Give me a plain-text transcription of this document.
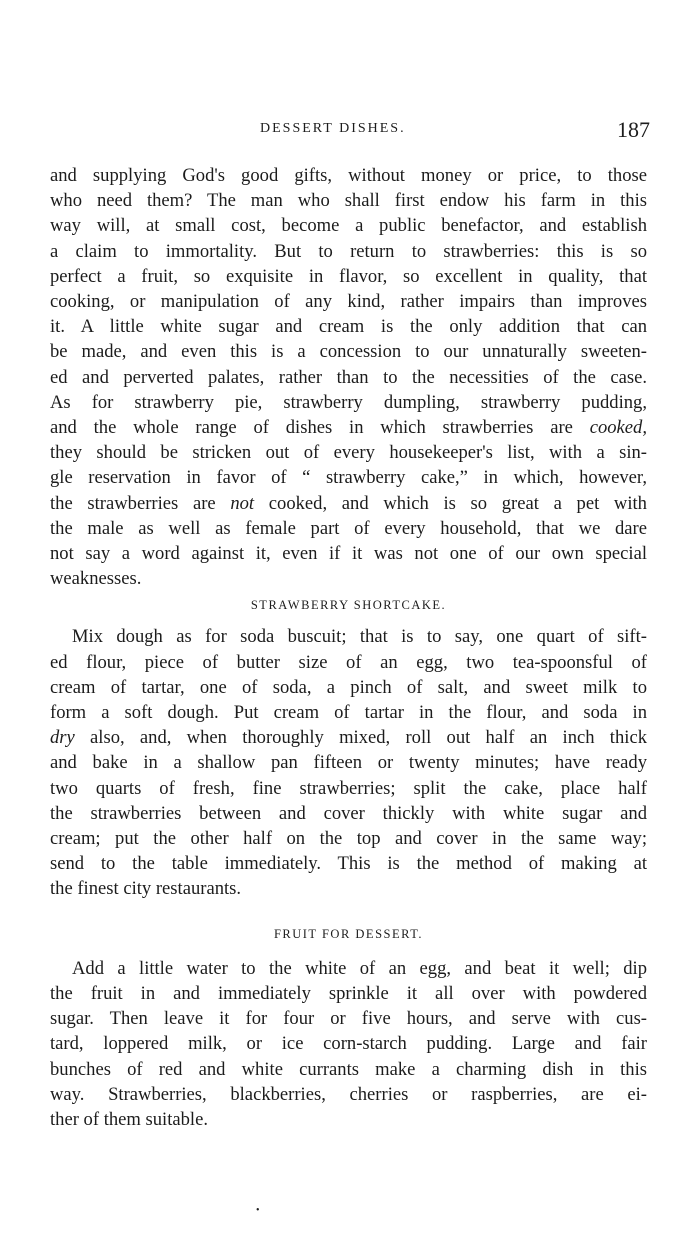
DESSERT DISHES.	187
and supplying God's good gifts, without money or price, to those
who need them? The man who shall first endow his farm in this
way will, at small cost, become a public benefactor, and establish
a claim to immortality. But to return to strawberries: this is so
perfect a fruit, so exquisite in flavor, so excellent in quality, that
cooking, or manipulation of any kind, rather impairs than improves
it. A little white sugar and cream is the only addition that can
be made, and even this is a concession to our unnaturally sweeten-
ed and perverted palates, rather than to the necessities of the case.
As for strawberry pie, strawberry dumpling, strawberry pudding,
and the whole range of dishes in which strawberries are cooked,
they should be stricken out of every housekeeper's list, with a sin-
gle reservation in favor of “ strawberry cake,” in which, however,
the strawberries are not cooked, and which is so great a pet with
the male as well as female part of every household, that we dare
not say a word against it, even if it was not one of our own special
weaknesses.
STRAWBERRY SHORTCAKE.
Mix dough as for soda buscuit; that is to say, one quart of sift-
ed flour, piece of butter size of an egg, two tea-spoonsful of
cream of tartar, one of soda, a pinch of salt, and sweet milk to
form a soft dough. Put cream of tartar in the flour, and soda in
dry also, and, when thoroughly mixed, roll out half an inch thick
and bake in a shallow pan fifteen or twenty minutes; have ready
two quarts of fresh, fine strawberries; split the cake, place half
the strawberries between and cover thickly with white sugar and
cream; put the other half on the top and cover in the same way;
send to the table immediately. This is the method of making at
the finest city restaurants.
FRUIT FOR DESSERT.
Add a little water to the white of an egg, and beat it well; dip
the fruit in and immediately sprinkle it all over with powdered
sugar. Then leave it for four or five hours, and serve with cus-
tard, loppered milk, or ice corn-starch pudding. Large and fair
bunches of red and white currants make a charming dish in this
way. Strawberries, blackberries, cherries or raspberries, are ei-
ther of them suitable.
•
